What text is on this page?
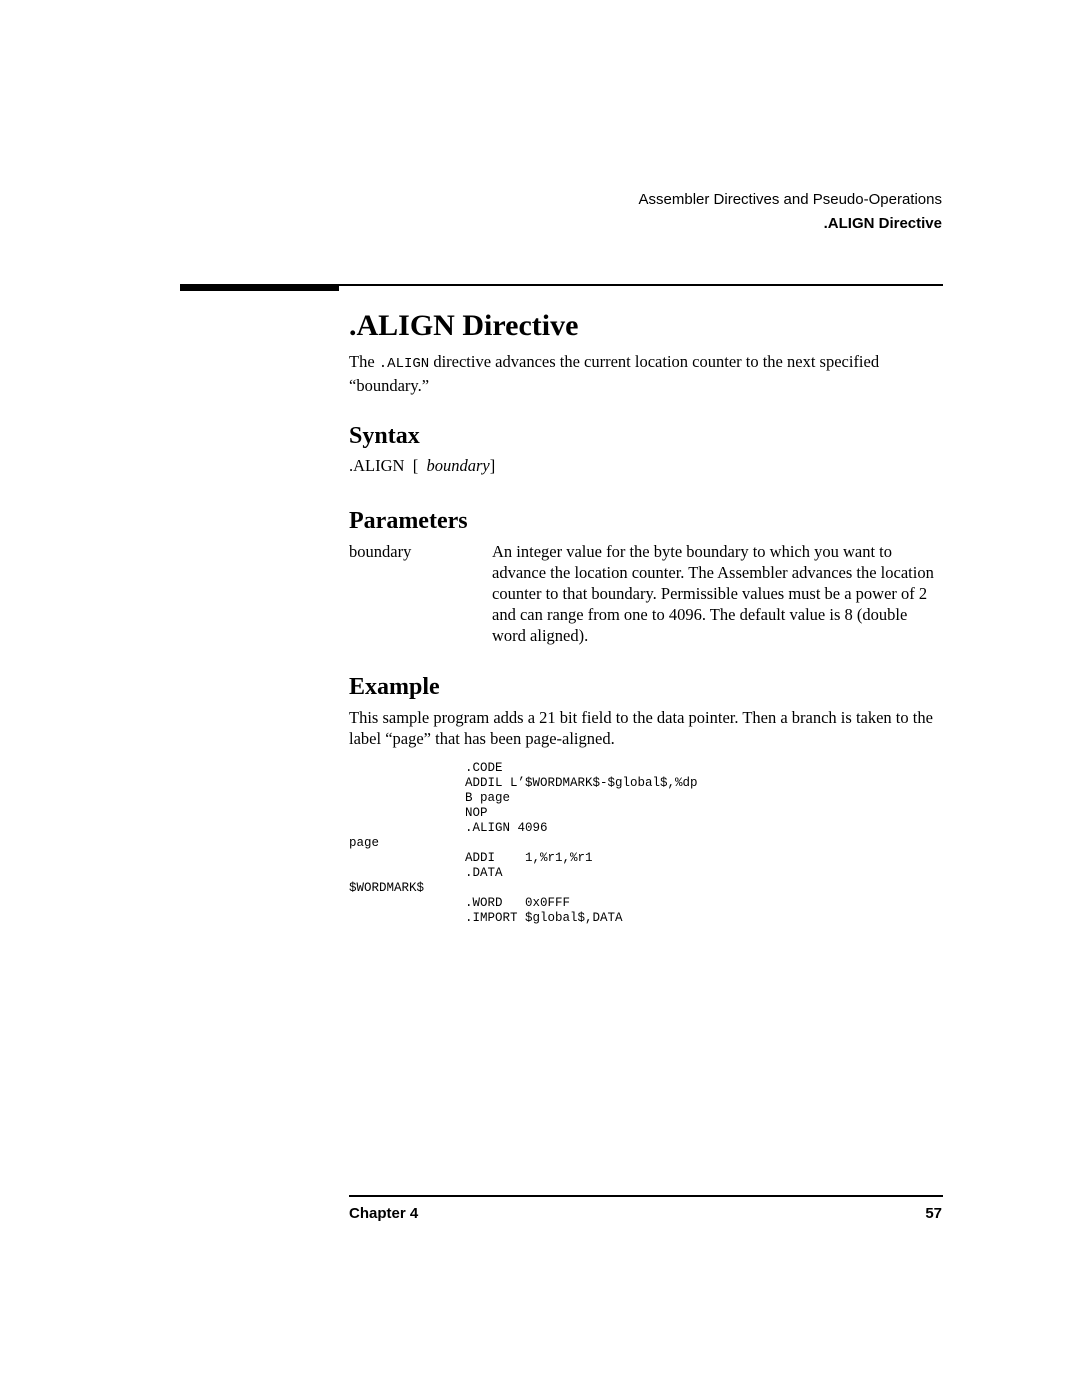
Assembler Directives and Pseudo-Operations
.ALIGN Directive
.ALIGN Directive

The .ALIGN directive advances the current location counter to the next specified “boundary.”

Syntax
.ALIGN [ boundary]
Parameters
boundary	An integer value for the byte boundary to which you want to advance the location counter. The Assembler advances the location counter to that boundary. Permissible values must be a power of 2 and can range from one to 4096. The default value is 8 (double word aligned).
Example

This sample program adds a 21 bit field to the data pointer. Then a branch is taken to the label “page” that has been page-aligned.

.CODE
ADDIL L’$WORDMARK$-$global$,%dp
B page
NOP
.ALIGN 4096
page
ADDI    1,%r1,%r1
.DATA
$WORDMARK$
.WORD   0x0FFF
.IMPORT $global$,DATA
Chapter 4	57
